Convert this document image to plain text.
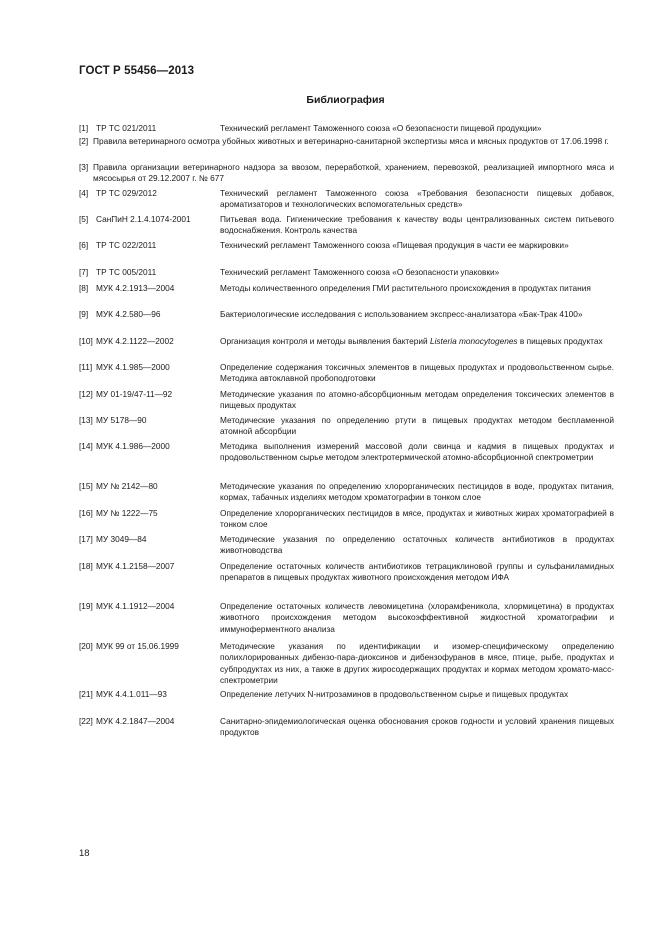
ГОСТ Р 55456—2013
Библиография
[1] ТР ТС 021/2011	Технический регламент Таможенного союза «О безопасности пищевой продукции»
[2] Правила ветеринарного осмотра убойных животных и ветеринарно-санитарной экспертизы мяса и мясных продуктов от 17.06.1998 г.
[3] Правила организации ветеринарного надзора за ввозом, переработкой, хранением, перевозкой, реализацией импортного мяса и мясосырья от 29.12.2007 г. № 677
[4] ТР ТС 029/2012	Технический регламент Таможенного союза «Требования безопасности пищевых добавок, ароматизаторов и технологических вспомогательных средств»
[5] СанПиН 2.1.4.1074-2001	Питьевая вода. Гигиенические требования к качеству воды централизованных систем питьевого водоснабжения. Контроль качества
[6] ТР ТС 022/2011	Технический регламент Таможенного союза «Пищевая продукция в части ее маркировки»
[7] ТР ТС 005/2011	Технический регламент Таможенного союза «О безопасности упаковки»
[8] МУК 4.2.1913—2004	Методы количественного определения ГМИ растительного происхождения в продуктах питания
[9] МУК 4.2.580—96	Бактериологические исследования с использованием экспресс-анализатора «Бак-Трак 4100»
[10] МУК 4.2.1122—2002	Организация контроля и методы выявления бактерий Listeria monocytogenes в пищевых продуктах
[11] МУК 4.1.985—2000	Определение содержания токсичных элементов в пищевых продуктах и продовольственном сырье. Методика автоклавной пробоподготовки
[12] МУ 01-19/47-11—92	Методические указания по атомно-абсорбционным методам определения токсических элементов в пищевых продуктах
[13] МУ 5178—90	Методические указания по определению ртути в пищевых продуктах методом беспламенной атомной абсорбции
[14] МУК 4.1.986—2000	Методика выполнения измерений массовой доли свинца и кадмия в пищевых продуктах и продовольственном сырье методом электротермической атомно-абсорбционной спектрометрии
[15] МУ № 2142—80	Методические указания по определению хлорорганических пестицидов в воде, продуктах питания, кормах, табачных изделиях методом хроматографии в тонком слое
[16] МУ № 1222—75	Определение хлорорганических пестицидов в мясе, продуктах и животных жирах хроматографией в тонком слое
[17] МУ 3049—84	Методические указания по определению остаточных количеств антибиотиков в продуктах животноводства
[18] МУК 4.1.2158—2007	Определение остаточных количеств антибиотиков тетрациклиновой группы и сульфаниламидных препаратов в пищевых продуктах животного происхождения методом ИФА
[19] МУК 4.1.1912—2004	Определение остаточных количеств левомицетина (хлорамфеникола, хлормицетина) в продуктах животного происхождения методом высокоэффективной жидкостной хроматографии и иммуноферментного анализа
[20] МУК 99 от 15.06.1999	Методические указания по идентификации и изомер-специфическому определению полихлорированных дибензо-пара-диоксинов и дибензофуранов в мясе, птице, рыбе, продуктах и субпродуктах из них, а также в других жиросодержащих продуктах и кормах методом хромато-масс-спектрометрии
[21] МУК 4.4.1.011—93	Определение летучих N-нитрозаминов в продовольственном сырье и пищевых продуктах
[22] МУК 4.2.1847—2004	Санитарно-эпидемиологическая оценка обоснования сроков годности и условий хранения пищевых продуктов
18
